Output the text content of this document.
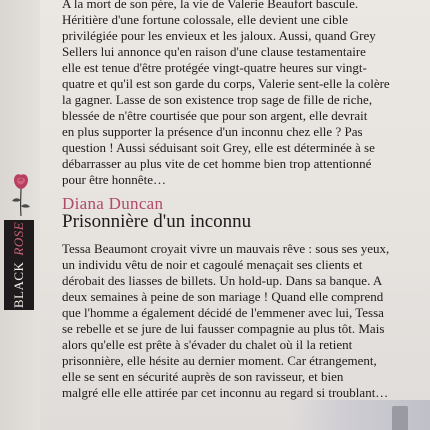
BLACK
ROSE
A la mort de son père, la vie de Valerie Beaufort bascule.
Héritière d'une fortune colossale, elle devient une cible
privilégiée pour les envieux et les jaloux. Aussi, quand Grey
Sellers lui annonce qu'en raison d'une clause testamentaire
elle est tenue d'être protégée vingt-quatre heures sur vingt-
quatre et qu'il est son garde du corps, Valerie sent-elle la colère
la gagner. Lasse de son existence trop sage de fille de riche,
blessée de n'être courtisée que pour son argent, elle devrait
en plus supporter la présence d'un inconnu chez elle ? Pas
question ! Aussi séduisant soit Grey, elle est déterminée à se
débarrasser au plus vite de cet homme bien trop attentionné
pour être honnête…
Diana Duncan
Prisonnière d'un inconnu
Tessa Beaumont croyait vivre un mauvais rêve : sous ses yeux,
un individu vêtu de noir et cagoulé menaçait ses clients et
dérobait des liasses de billets. Un hold-up. Dans sa banque. A
deux semaines à peine de son mariage ! Quand elle comprend
que l'homme a également décidé de l'emmener avec lui, Tessa
se rebelle et se jure de lui fausser compagnie au plus tôt. Mais
alors qu'elle est prête à s'évader du chalet où il la retient
prisonnière, elle hésite au dernier moment. Car étrangement,
elle se sent en sécurité auprès de son ravisseur, et bien
malgré elle elle attirée par cet inconnu au regard si troublant…
